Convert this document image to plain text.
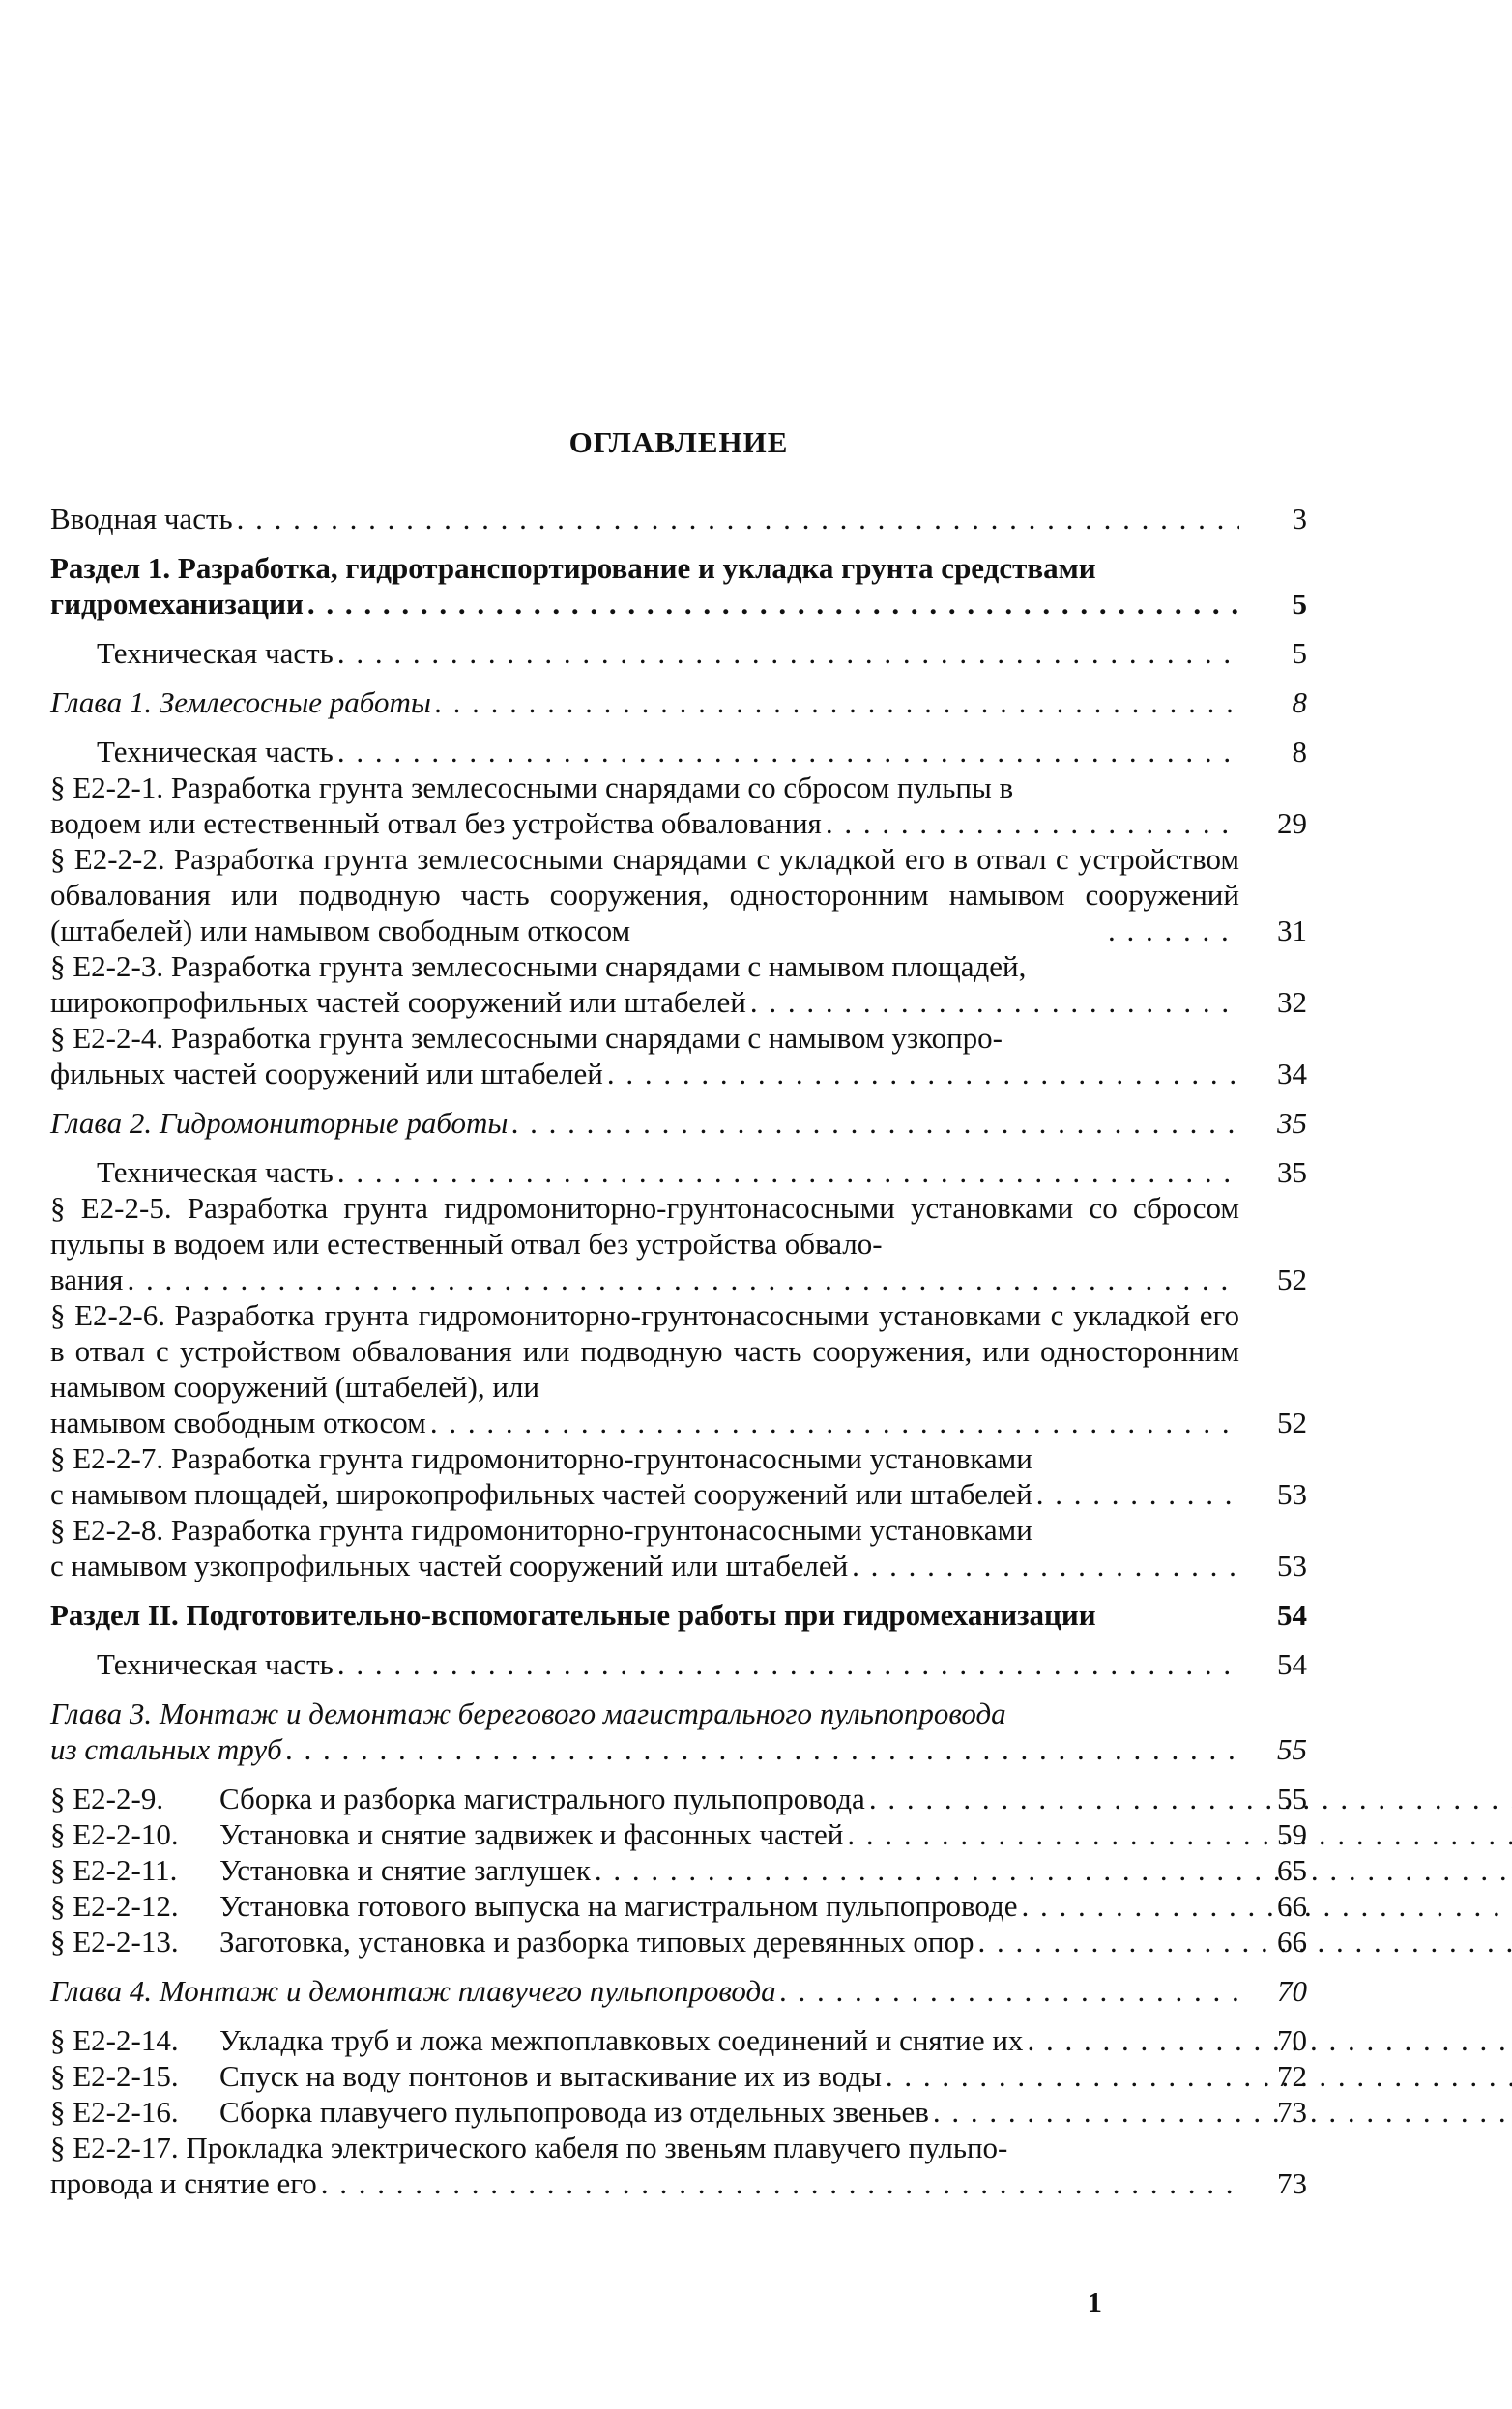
ОГЛАВЛЕНИЕ
Вводная часть . . .	3
Раздел 1. Разработка, гидротранспортирование и укладка грунта средствами
гидромеханизации . . .	5
Техническая часть . . .	5
Глава 1. Землесосные работы . . .	8
Техническая часть . . .	8
§ Е2-2-1. Разработка грунта землесосными снарядами со сбросом пульпы в
водоем или естественный отвал без устройства обвалования . . .	29
§ Е2-2-2. Разработка грунта землесосными снарядами с укладкой его в отвал с устройством обвалования или подводную часть сооружения, односторонним намывом сооружений (штабелей) или намывом свободным откосом . . .	31
§ Е2-2-3. Разработка грунта землесосными снарядами с намывом площадей,
широкопрофильных частей сооружений или штабелей . . .	32
§ Е2-2-4. Разработка грунта землесосными снарядами с намывом узкопро-
фильных частей сооружений или штабелей . . .	34
Глава 2. Гидромониторные работы . . .	35
Техническая часть . . .	35
§ Е2-2-5. Разработка грунта гидромониторно-грунтонасосными установками со сбросом пульпы в водоем или естественный отвал без устройства обвало-
вания . . .	52
§ Е2-2-6. Разработка грунта гидромониторно-грунтонасосными установками с укладкой его в отвал с устройством обвалования или подводную часть сооружения, или односторонним намывом сооружений (штабелей), или
намывом свободным откосом . . .	52
§ Е2-2-7. Разработка грунта гидромониторно-грунтонасосными установками
с намывом площадей, широкопрофильных частей сооружений или штабелей . . .	53
§ Е2-2-8. Разработка грунта гидромониторно-грунтонасосными установками
с намывом узкопрофильных частей сооружений или штабелей . . .	53
Раздел II. Подготовительно-вспомогательные работы при гидромеханизации	54
Техническая часть . . .	54
Глава 3. Монтаж и демонтаж берегового магистрального пульпопровода
из стальных труб . . .	55
§ Е2-2-9.	Сборка и разборка магистрального пульпопровода . . .	55
§ Е2-2-10.	Установка и снятие задвижек и фасонных частей . . .	59
§ Е2-2-11.	Установка и снятие заглушек . . .	65
§ Е2-2-12.	Установка готового выпуска на магистральном пульпопроводе . . .	66
§ Е2-2-13.	Заготовка, установка и разборка типовых деревянных опор . . .	66
Глава 4. Монтаж и демонтаж плавучего пульпопровода . . .	70
§ Е2-2-14.	Укладка труб и ложа межпоплавковых соединений и снятие их . . .	70
§ Е2-2-15.	Спуск на воду понтонов и вытаскивание их из воды . . .	72
§ Е2-2-16.	Сборка плавучего пульпопровода из отдельных звеньев . . .	73
§ Е2-2-17. Прокладка электрического кабеля по звеньям плавучего пульпо-
провода и снятие его . . .	73
1
